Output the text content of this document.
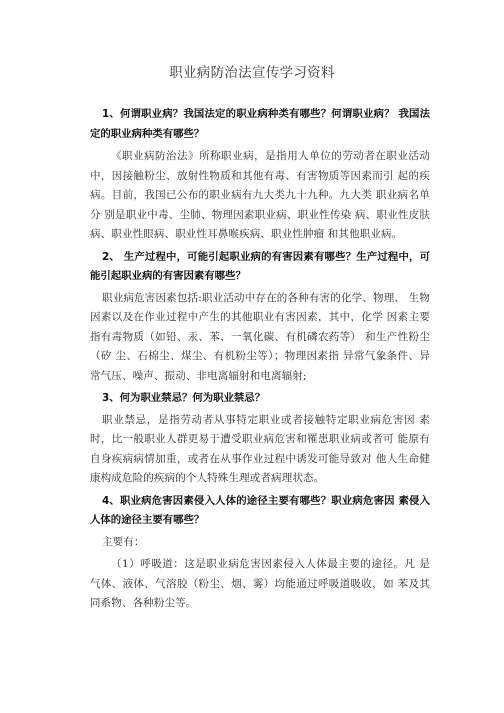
职业病防治法宣传学习资料
1、何谓职业病？我国法定的职业病种类有哪些？何谓职业病？ 我国法定的职业病种类有哪些？
《职业病防治法》所称职业病，是指用人单位的劳动者在职业活动中，因接触粉尘、放射性物质和其他有毒、有害物质等因素而引 起的疾病。目前，我国已公布的职业病有九大类九十九种。九大类 职业病名单 分 别是职业中毒、尘肺、物理因素职业病、职业性传染 病、职业性皮肤病、职业性眼病、职业性耳鼻喉疾病、职业性肿瘤 和其他职业病。
2、 生产过程中，可能引起职业病的有害因素有哪些？生产过程中，可能引起职业病的有害因素有哪些？
职业病危害因素包括:职业活动中存在的各种有害的化学、物理、 生物因素以及在作业过程中产生的其他职业有害因素，其中，化学 因素主要指有毒物质（如铅、汞、苯、一氧化碳、有机磷农药等） 和生产性粉尘（矽 尘、石棉尘、煤尘、有机粉尘等）；物理因素指 异常气象条件、异常气压、噪声、振动、非电离辐射和电离辐射;
3、何为职业禁忌？何为职业禁忌？
职业禁忌，是指劳动者从事特定职业或者接触特定职业病危害因 素时，比一般职业人群更易于遭受职业病危害和罹患职业病或者可 能原有自身疾病病情加重，或者在从事作业过程中诱发可能导致对 他人生命健康构成危险的疾病的个人特殊生理或者病理状态。
4、职业病危害因素侵入人体的途径主要有哪些？职业病危害因 素侵入人体的途径主要有哪些？
主要有：
（1）呼吸道：这是职业病危害因素侵入人体最主要的途径。凡 是气体、液体、气溶胶（粉尘、烟、雾）均能通过呼吸道吸收，如 苯及其同系物、各种粉尘等。
